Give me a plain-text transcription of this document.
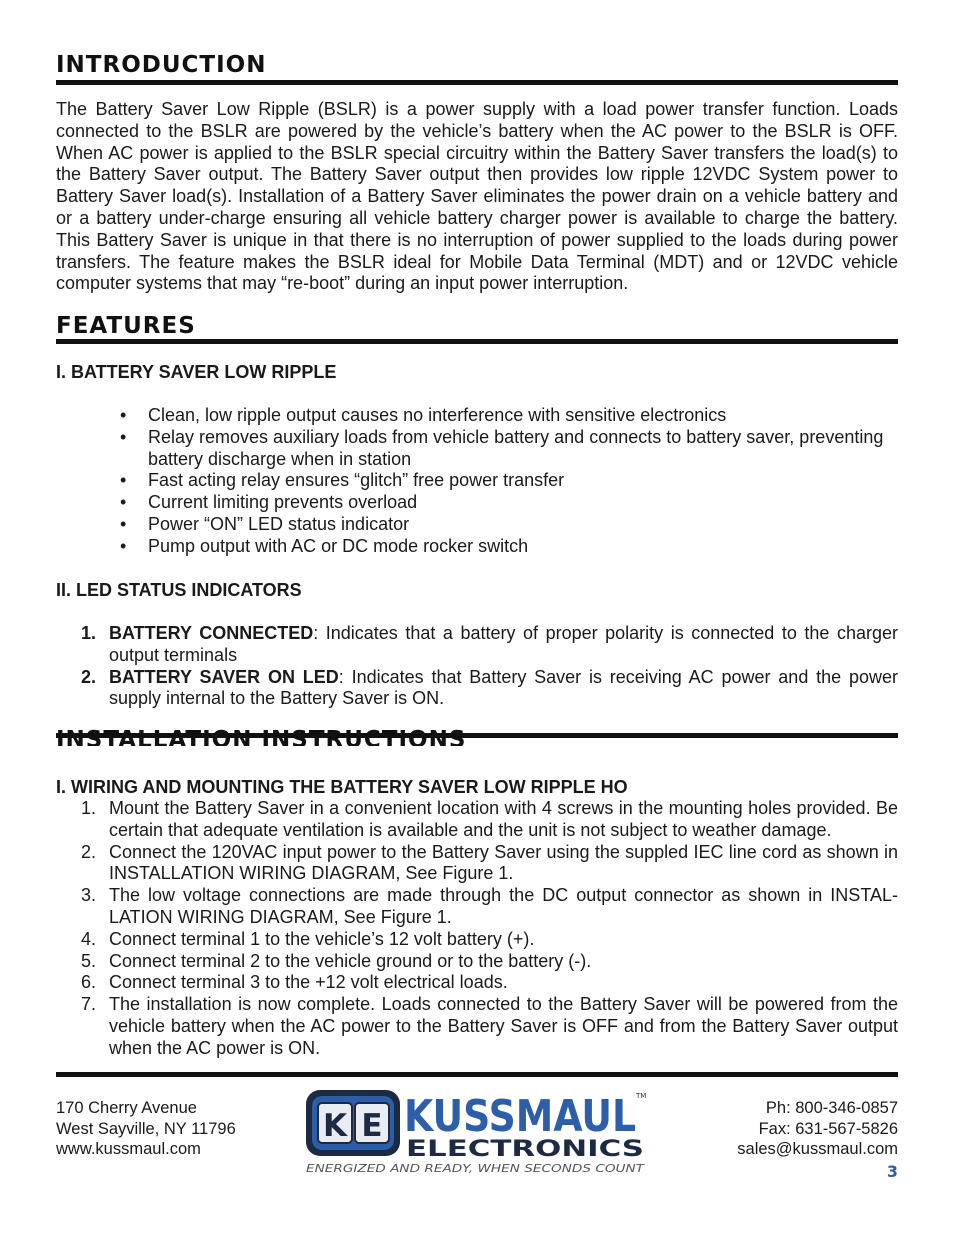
INTRODUCTION

The Battery Saver Low Ripple (BSLR) is a power supply with a load power transfer function. Loads connected to the BSLR are powered by the vehicle’s battery when the AC power to the BSLR is OFF. When AC power is applied to the BSLR special circuitry within the Battery Saver transfers the load(s) to the Battery Saver output. The Battery Saver output then provides low ripple 12VDC System power to Battery Saver load(s). Installation of a Battery Saver eliminates the power drain on a vehicle battery and or a battery under-charge ensuring all vehicle battery charger power is available to charge the battery. This Battery Saver is unique in that there is no interruption of power supplied to the loads during power transfers. The feature makes the BSLR ideal for Mobile Data Terminal (MDT) and or 12VDC vehicle computer systems that may “re-boot” during an input power interruption.

FEATURES
I. BATTERY SAVER LOW RIPPLE
• Clean, low ripple output causes no interference with sensitive electronics
• Relay removes auxiliary loads from vehicle battery and connects to battery saver, preventing battery discharge when in station
• Fast acting relay ensures “glitch” free power transfer
• Current limiting prevents overload
• Power “ON” LED status indicator
• Pump output with AC or DC mode rocker switch
II. LED STATUS INDICATORS
1. BATTERY CONNECTED: Indicates that a battery of proper polarity is connected to the charger output terminals
2. BATTERY SAVER ON LED: Indicates that Battery Saver is receiving AC power and the power supply internal to the Battery Saver is ON.
I. WIRING AND MOUNTING THE BATTERY SAVER LOW RIPPLE HO
1. Mount the Battery Saver in a convenient location with 4 screws in the mounting holes provided. Be certain that adequate ventilation is available and the unit is not subject to weather damage.
2. Connect the 120VAC input power to the Battery Saver using the suppled IEC line cord as shown in INSTALLATION WIRING DIAGRAM, See Figure 1.
3. The low voltage connections are made through the DC output connector as shown in INSTAL-LATION WIRING DIAGRAM, See Figure 1.
4. Connect terminal 1 to the vehicle’s 12 volt battery (+).
5. Connect terminal 2 to the vehicle ground or to the battery (-).
6. Connect terminal 3 to the +12 volt electrical loads.
7. The installation is now complete. Loads connected to the Battery Saver will be powered from the vehicle battery when the AC power to the Battery Saver is OFF and from the Battery Saver output when the AC power is ON.
170 Cherry Avenue
West Sayville, NY 11796
www.kussmaul.com
K E KUSSMAUL TM
ELECTRONICS
ENERGIZED AND READY, WHEN SECONDS COUNT
Ph: 800-346-0857
Fax: 631-567-5826
sales@kussmaul.com
3
